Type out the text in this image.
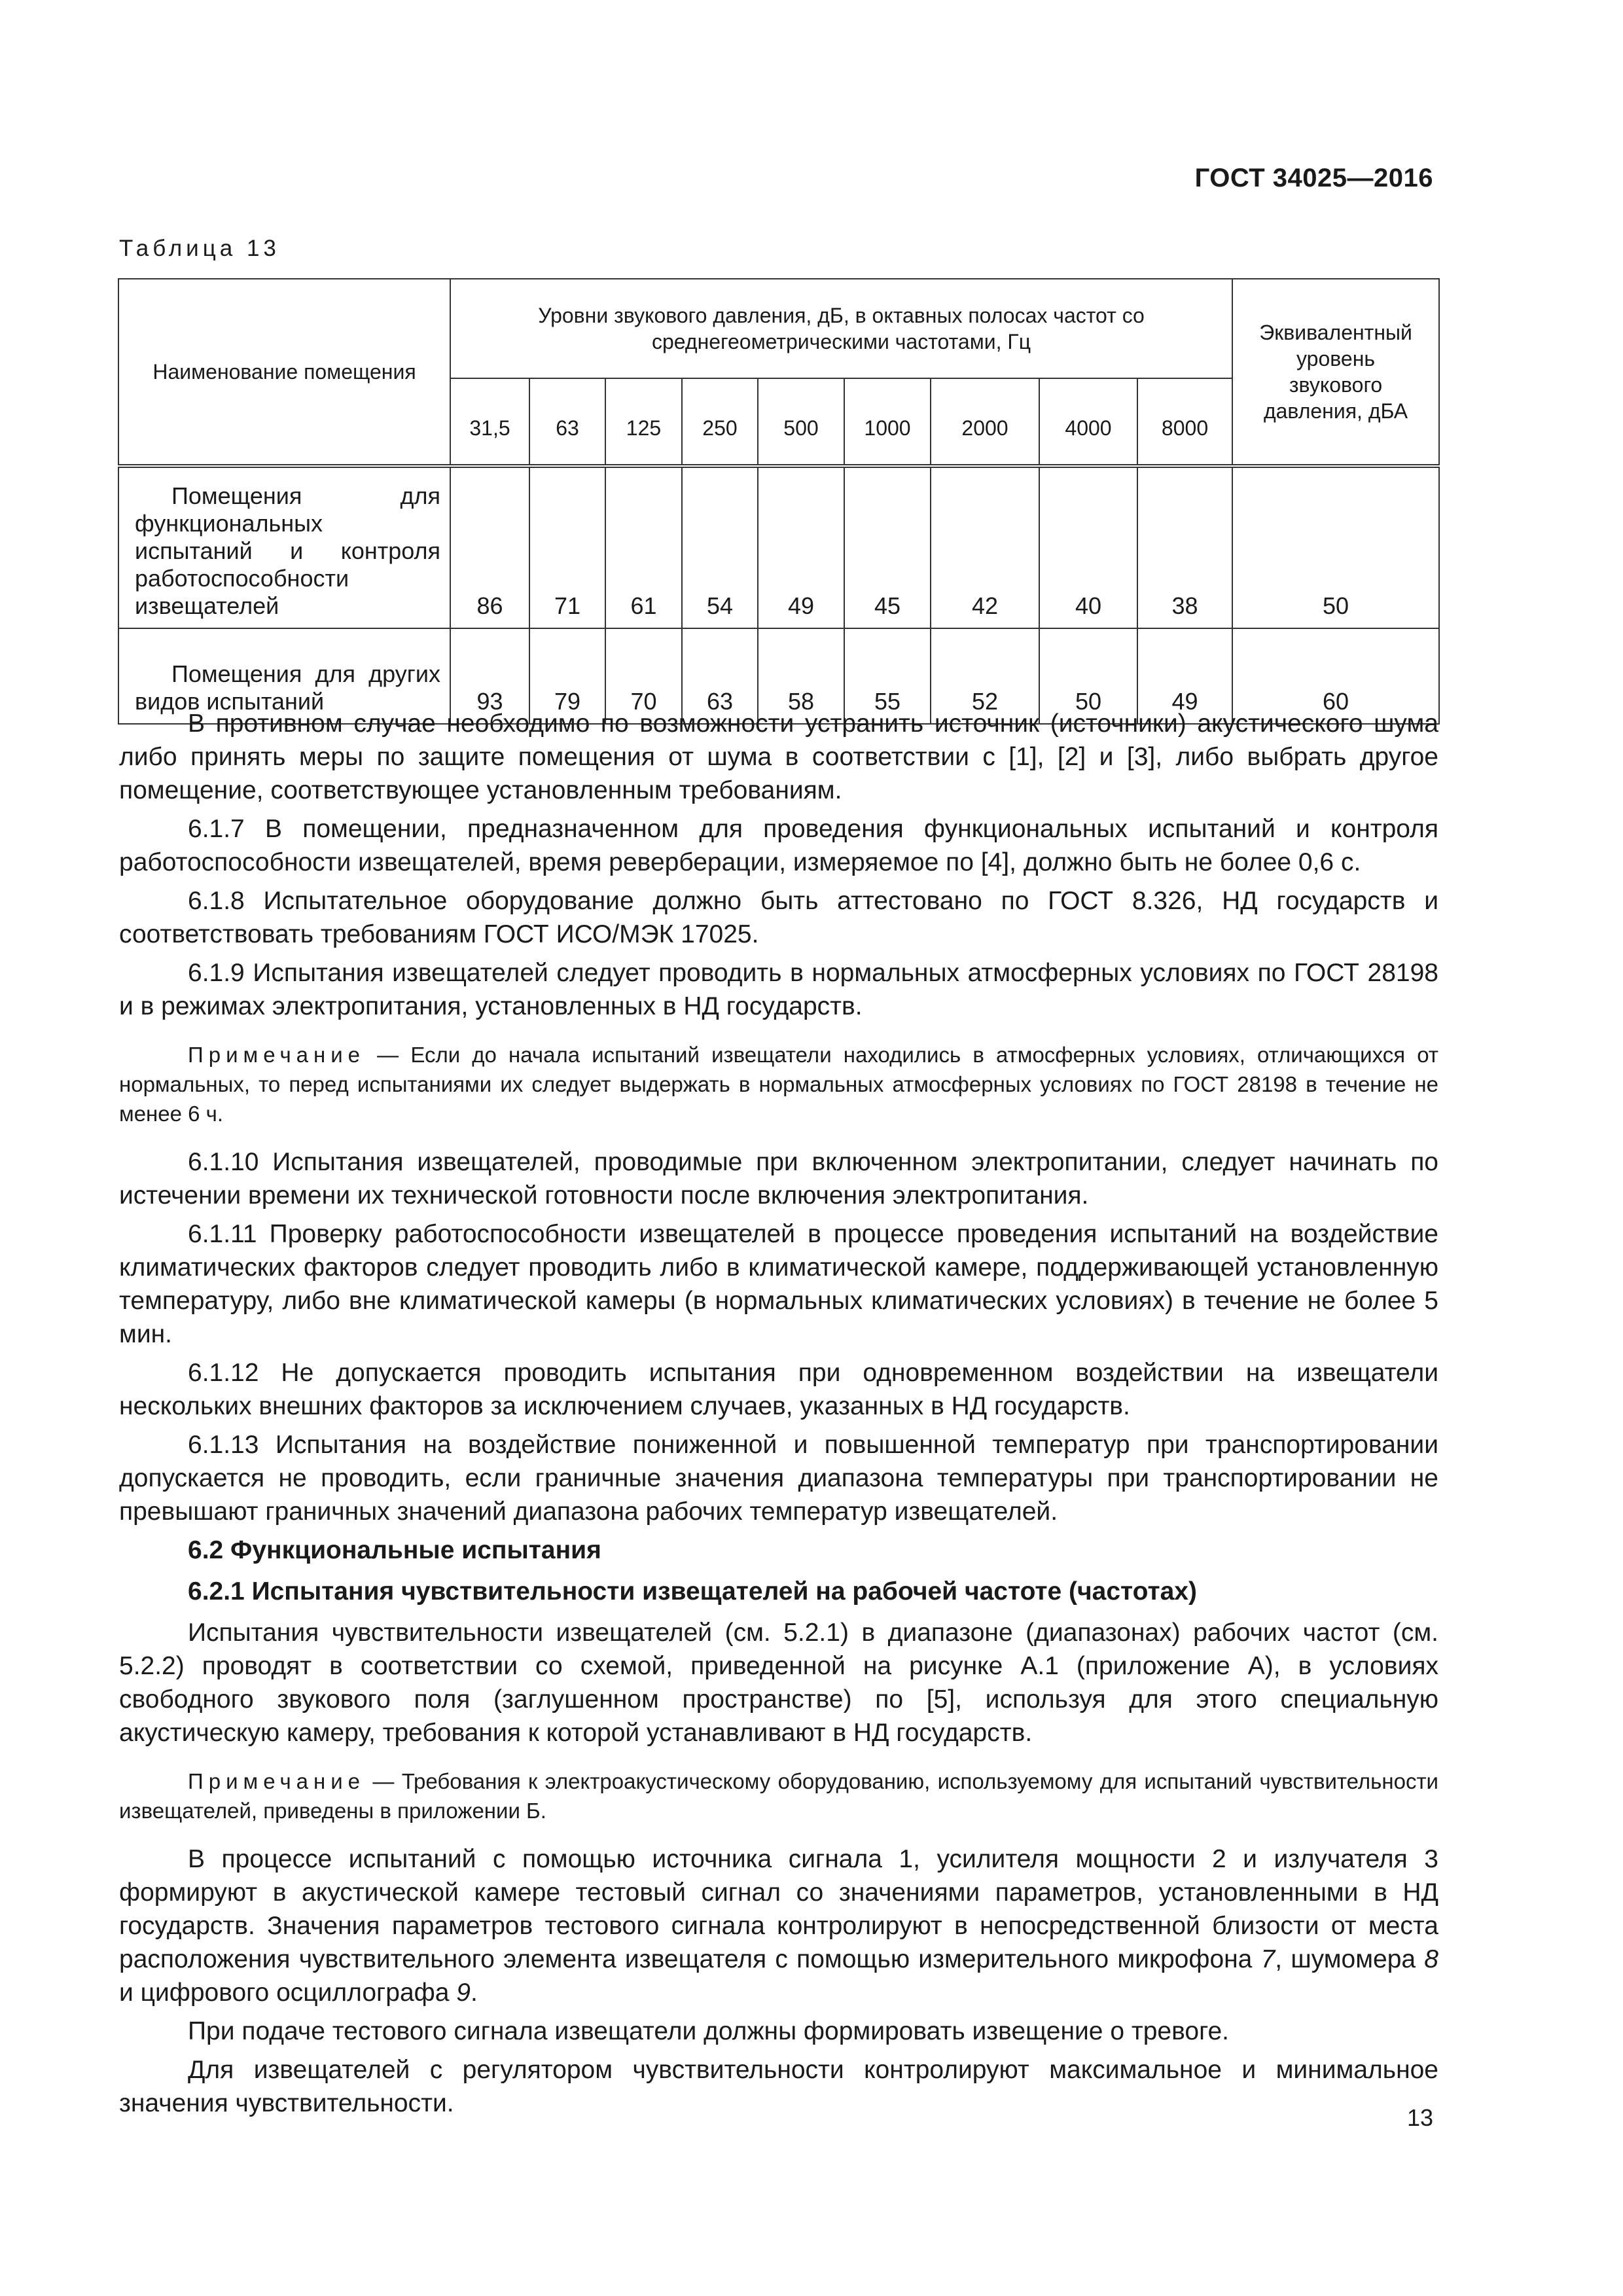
ГОСТ 34025—2016
Таблица 13
Наименование помещения	Уровни звукового давления, дБ, в октавных полосах частот со среднегеометрическими частотами, Гц									Эквивалентный уровень звукового давления, дБА
	31,5	63	125	250	500	1000	2000	4000	8000	
Помещения для функциональных испытаний и контроля работоспособности извещателей	86	71	61	54	49	45	42	40	38	50
Помещения для других видов испытаний	93	79	70	63	58	55	52	50	49	60

В противном случае необходимо по возможности устранить источник (источники) акустического шума либо принять меры по защите помещения от шума в соответствии с [1], [2] и [3], либо выбрать другое помещение, соответствующее установленным требованиям.

6.1.7 В помещении, предназначенном для проведения функциональных испытаний и контроля работоспособности извещателей, время реверберации, измеряемое по [4], должно быть не более 0,6 с.

6.1.8 Испытательное оборудование должно быть аттестовано по ГОСТ 8.326, НД государств и соответствовать требованиям ГОСТ ИСО/МЭК 17025.

6.1.9 Испытания извещателей следует проводить в нормальных атмосферных условиях по ГОСТ 28198 и в режимах электропитания, установленных в НД государств.

Примечание — Если до начала испытаний извещатели находились в атмосферных условиях, отличающихся от нормальных, то перед испытаниями их следует выдержать в нормальных атмосферных условиях по ГОСТ 28198 в течение не менее 6 ч.

6.1.10 Испытания извещателей, проводимые при включенном электропитании, следует начинать по истечении времени их технической готовности после включения электропитания.

6.1.11 Проверку работоспособности извещателей в процессе проведения испытаний на воздействие климатических факторов следует проводить либо в климатической камере, поддерживающей установленную температуру, либо вне климатической камеры (в нормальных климатических условиях) в течение не более 5 мин.

6.1.12 Не допускается проводить испытания при одновременном воздействии на извещатели нескольких внешних факторов за исключением случаев, указанных в НД государств.

6.1.13 Испытания на воздействие пониженной и повышенной температур при транспортировании допускается не проводить, если граничные значения диапазона температуры при транспортировании не превышают граничных значений диапазона рабочих температур извещателей.

6.2 Функциональные испытания
6.2.1 Испытания чувствительности извещателей на рабочей частоте (частотах)

Испытания чувствительности извещателей (см. 5.2.1) в диапазоне (диапазонах) рабочих частот (см. 5.2.2) проводят в соответствии со схемой, приведенной на рисунке А.1 (приложение А), в условиях свободного звукового поля (заглушенном пространстве) по [5], используя для этого специальную акустическую камеру, требования к которой устанавливают в НД государств.

Примечание — Требования к электроакустическому оборудованию, используемому для испытаний чувствительности извещателей, приведены в приложении Б.

В процессе испытаний с помощью источника сигнала 1, усилителя мощности 2 и излучателя 3 формируют в акустической камере тестовый сигнал со значениями параметров, установленными в НД государств. Значения параметров тестового сигнала контролируют в непосредственной близости от места расположения чувствительного элемента извещателя с помощью измерительного микрофона 7, шумомера 8 и цифрового осциллографа 9.

При подаче тестового сигнала извещатели должны формировать извещение о тревоге.

Для извещателей с регулятором чувствительности контролируют максимальное и минимальное значения чувствительности.

13
